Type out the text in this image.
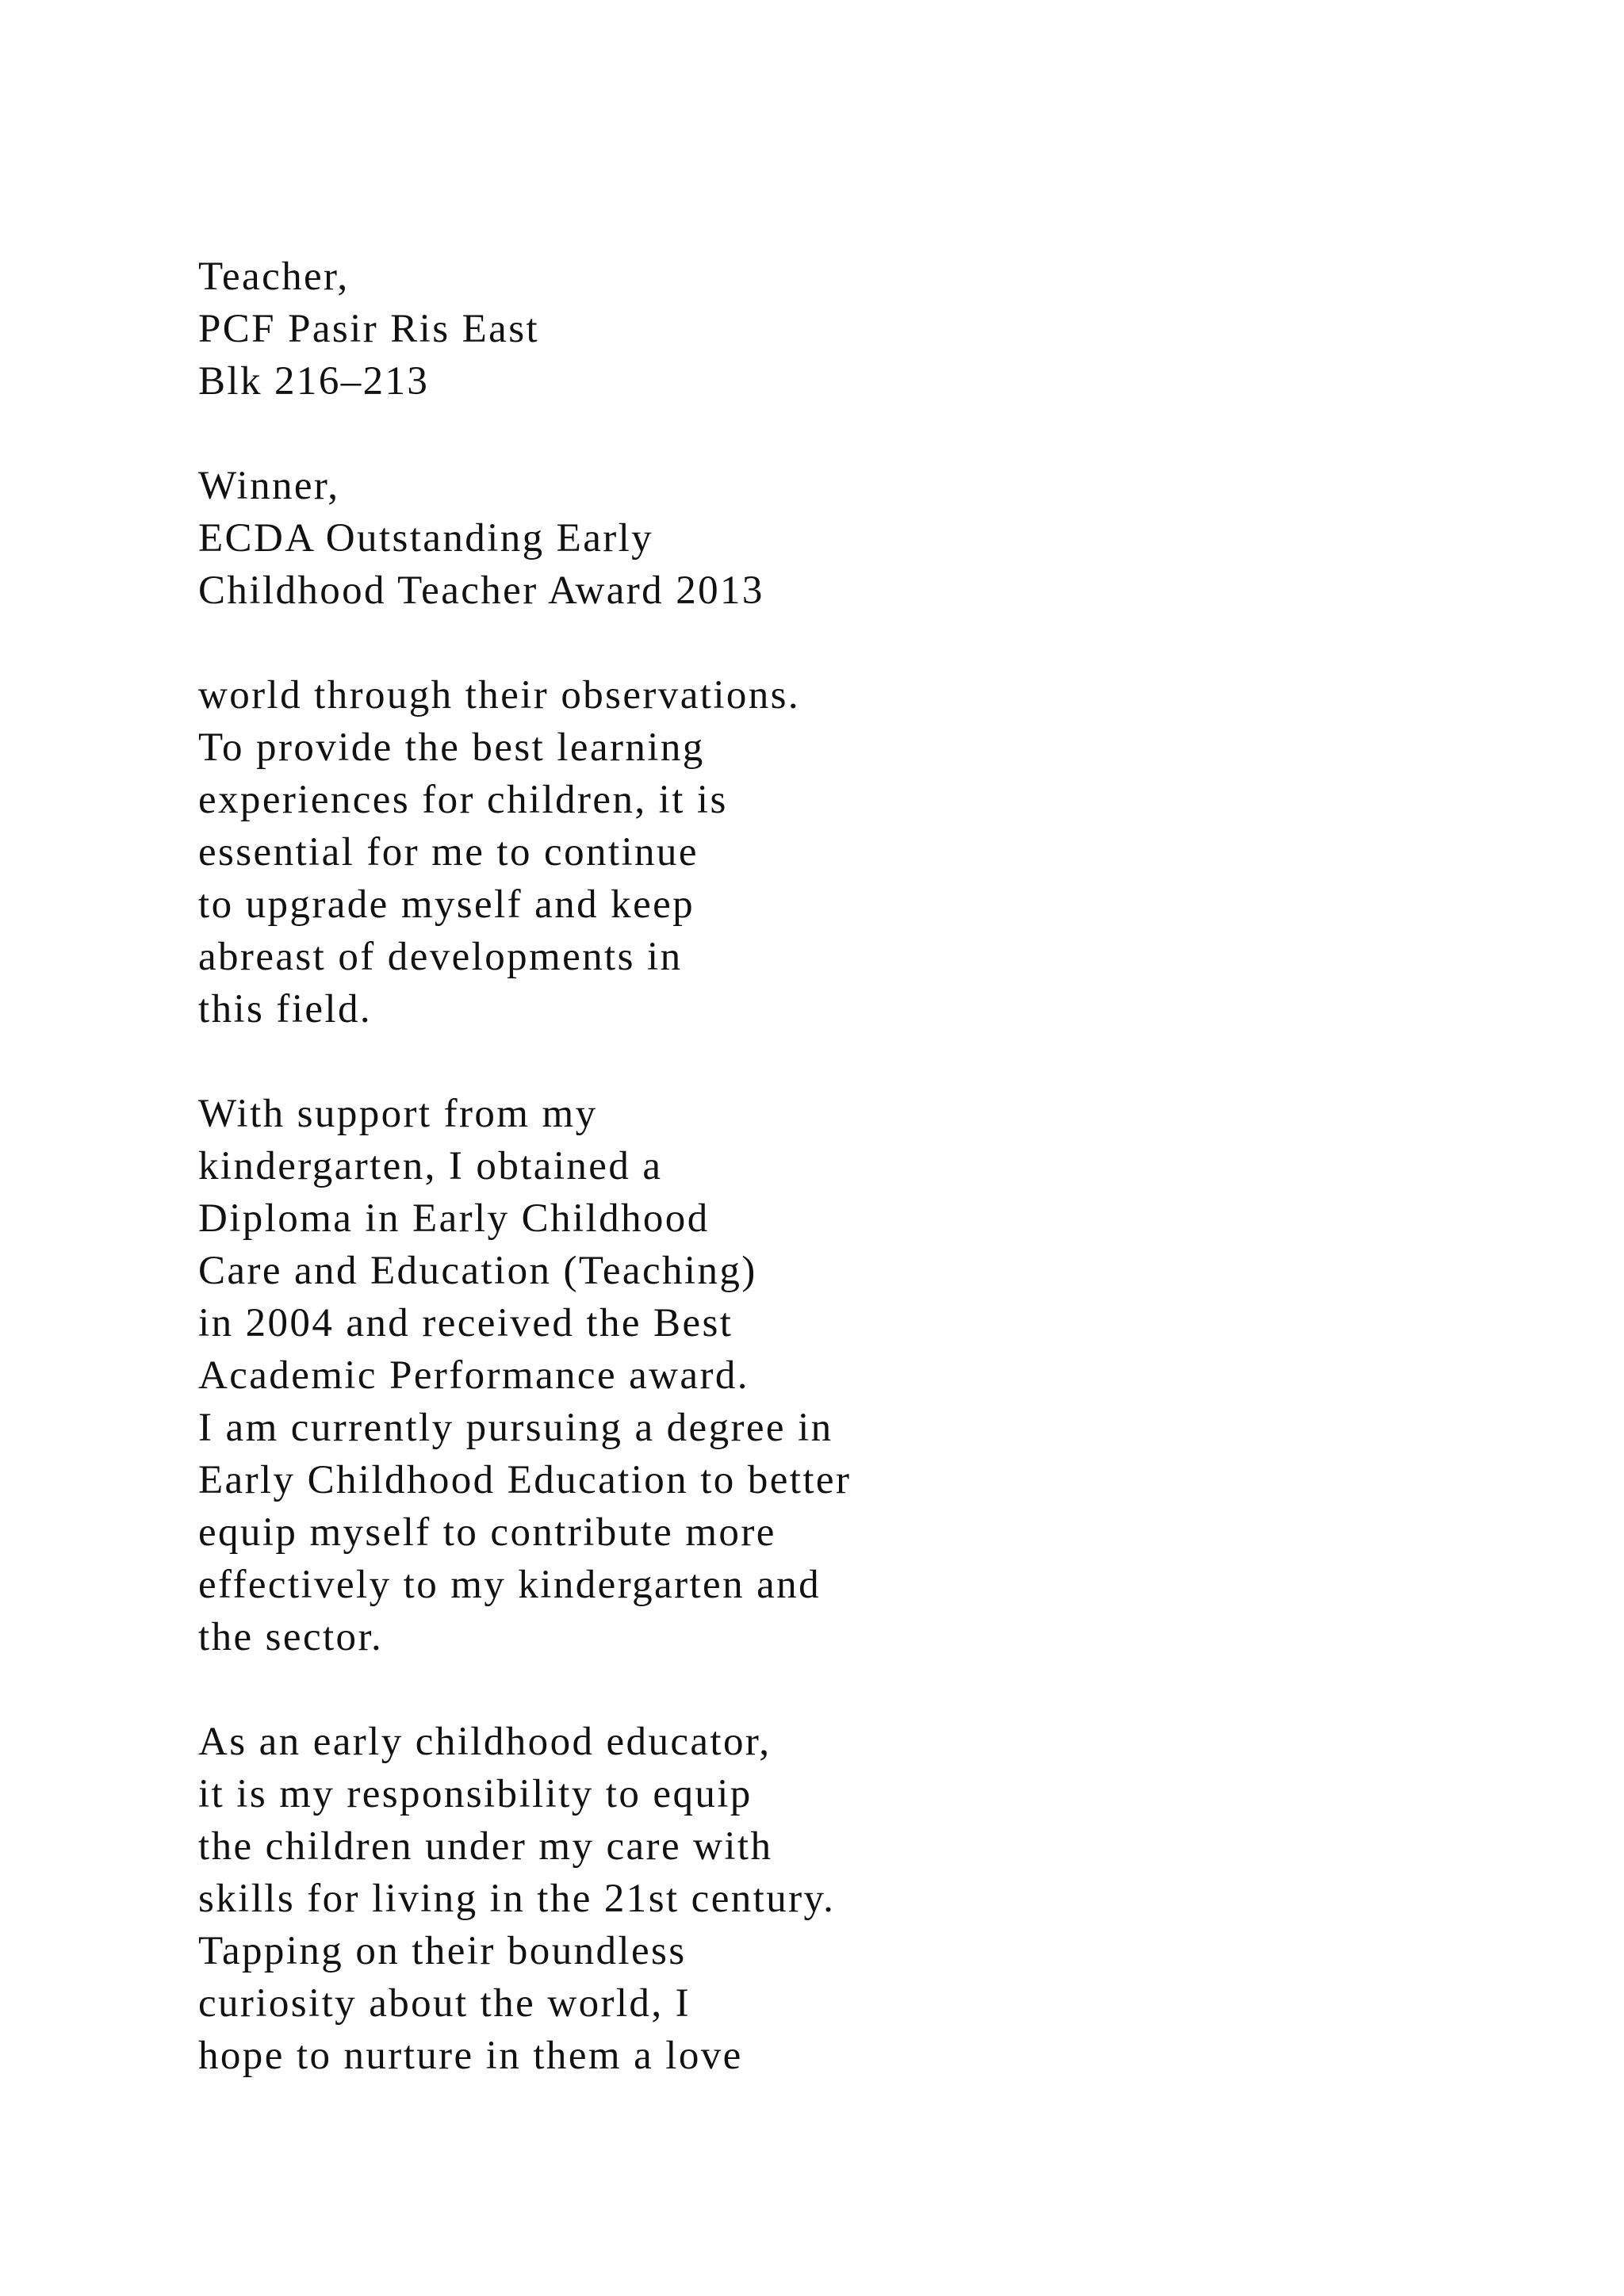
Teacher,
PCF Pasir Ris East
Blk 216–213
Winner,
ECDA Outstanding Early
Childhood Teacher Award 2013
world through their observations.
To provide the best learning
experiences for children, it is
essential for me to continue
to upgrade myself and keep
abreast of developments in
this field.
With support from my
kindergarten, I obtained a
Diploma in Early Childhood
Care and Education (Teaching)
in 2004 and received the Best
Academic Performance award.
I am currently pursuing a degree in
Early Childhood Education to better
equip myself to contribute more
effectively to my kindergarten and
the sector.
As an early childhood educator,
it is my responsibility to equip
the children under my care with
skills for living in the 21st century.
Tapping on their boundless
curiosity about the world, I
hope to nurture in them a love
